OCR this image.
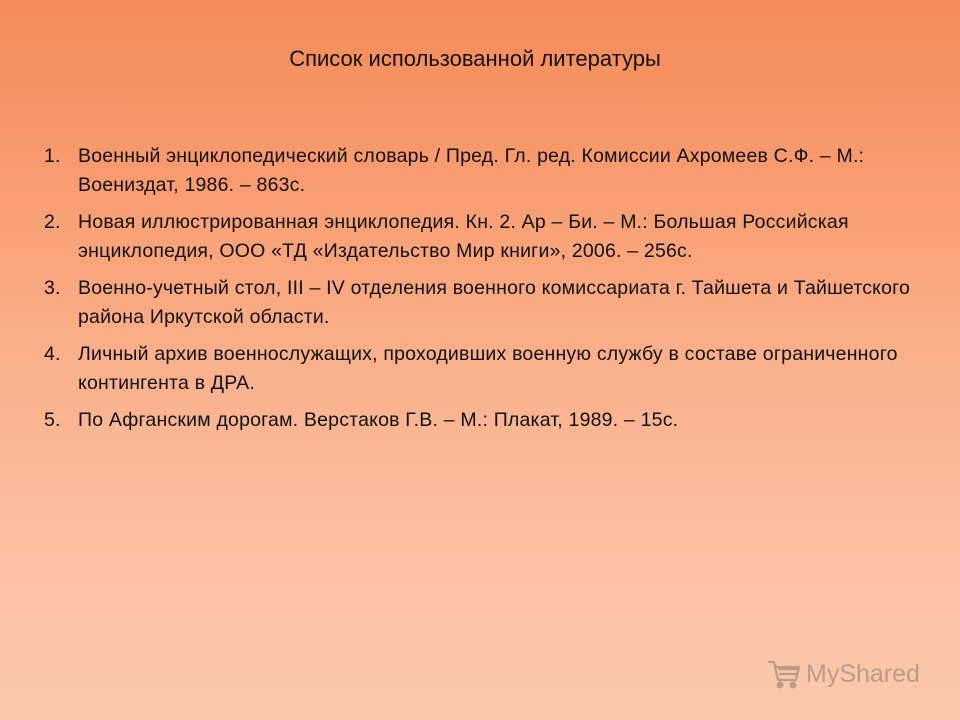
Список использованной литературы
1. Военный энциклопедический словарь / Пред. Гл. ред. Комиссии Ахромеев С.Ф. – М.: Воениздат, 1986. – 863с.
2. Новая иллюстрированная энциклопедия. Кн. 2. Ар – Би. – М.: Большая Российская энциклопедия, ООО «ТД «Издательство Мир книги», 2006. – 256с.
3. Военно-учетный стол, III – IV отделения военного комиссариата г. Тайшета и Тайшетского района Иркутской области.
4. Личный архив военнослужащих, проходивших военную службу в составе ограниченного контингента в ДРА.
5. По Афганским дорогам. Верстаков Г.В. – М.: Плакат, 1989. – 15с.
MyShared
